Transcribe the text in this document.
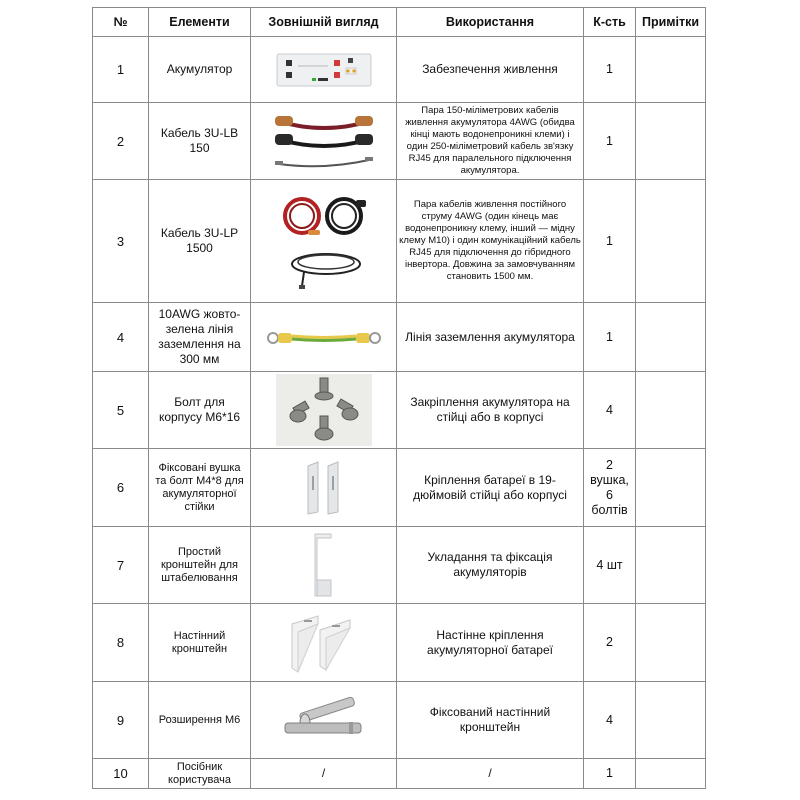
№	Елементи	Зовнішній вигляд	Використання	К-сть	Примітки
1	Акумулятор		Забезпечення живлення	1	
2	Кабель 3U-LB 150		Пара 150-міліметрових кабелів живлення акумулятора 4AWG (обидва кінці мають водонепроникні клеми) і один 250-міліметровий кабель зв'язку RJ45 для паралельного підключення акумулятора.	1	
3	Кабель 3U-LP 1500		Пара кабелів живлення постійного струму 4AWG (один кінець має водонепроникну клему, інший — мідну клему M10) і один комунікаційний кабель RJ45 для підключення до гібридного інвертора. Довжина за замовчуванням становить 1500 мм.	1	
4	10AWG жовто-зелена лінія заземлення на 300 мм		Лінія заземлення акумулятора	1	
5	Болт для корпусу M6*16		Закріплення акумулятора на стійці або в корпусі	4	
6	Фіксовані вушка та болт M4*8 для акумуляторної стійки		Кріплення батареї в 19-дюймовій стійці або корпусі	2 вушка, 6 болтів	
7	Простий кронштейн для штабелювання		Укладання та фіксація акумуляторів	4 шт	
8	Настінний кронштейн		Настінне кріплення акумуляторної батареї	2	
9	Розширення M6		Фіксований настінний кронштейн	4	
10	Посібник користувача	/	/	1	
